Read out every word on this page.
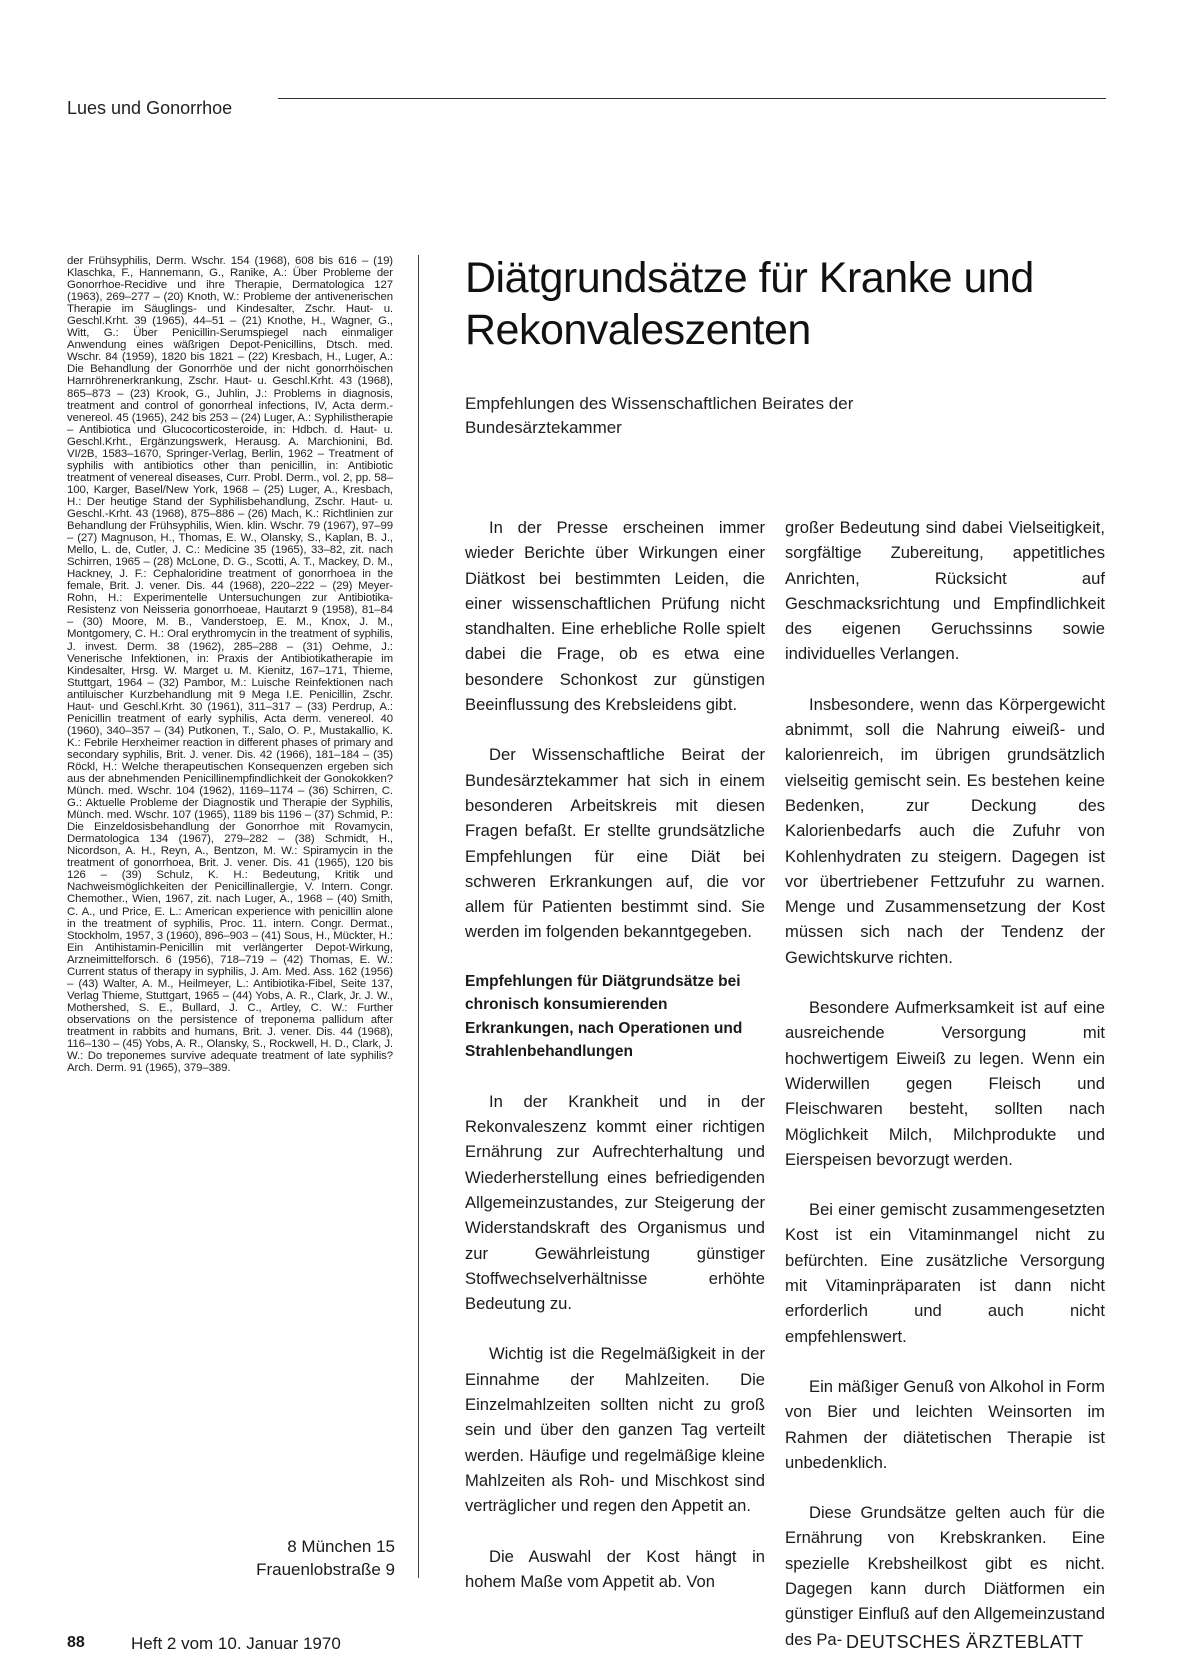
Lues und Gonorrhoe
der Frühsyphilis, Derm. Wschr. 154 (1968), 608 bis 616 – (19) Klaschka, F., Hannemann, G., Ranike, A.: Über Probleme der Gonorrhoe-Recidive und ihre Therapie, Dermatologica 127 (1963), 269–277 – (20) Knoth, W.: Probleme der antivenerischen Therapie im Säuglings- und Kindesalter, Zschr. Haut- u. Geschl.Krht. 39 (1965), 44–51 – (21) Knothe, H., Wagner, G., Witt, G.: Über Penicillin-Serumspiegel nach einmaliger Anwendung eines wäßrigen Depot-Penicillins, Dtsch. med. Wschr. 84 (1959), 1820 bis 1821 – (22) Kresbach, H., Luger, A.: Die Behandlung der Gonorrhöe und der nicht gonorrhöischen Harnröhrenerkrankung, Zschr. Haut- u. Geschl.Krht. 43 (1968), 865–873 – (23) Krook, G., Juhlin, J.: Problems in diagnosis, treatment and control of gonorrheal infections, IV, Acta derm.-venereol. 45 (1965), 242 bis 253 – (24) Luger, A.: Syphilistherapie – Antibiotica und Glucocorticosteroide, in: Hdbch. d. Haut- u. Geschl.Krht., Ergänzungswerk, Herausg. A. Marchionini, Bd. VI/2B, 1583–1670, Springer-Verlag, Berlin, 1962 – Treatment of syphilis with antibiotics other than penicillin, in: Antibiotic treatment of venereal diseases, Curr. Probl. Derm., vol. 2, pp. 58–100, Karger, Basel/New York, 1968 – (25) Luger, A., Kresbach, H.: Der heutige Stand der Syphilisbehandlung, Zschr. Haut- u. Geschl.-Krht. 43 (1968), 875–886 – (26) Mach, K.: Richtlinien zur Behandlung der Frühsyphilis, Wien. klin. Wschr. 79 (1967), 97–99 – (27) Magnuson, H., Thomas, E. W., Olansky, S., Kaplan, B. J., Mello, L. de, Cutler, J. C.: Medicine 35 (1965), 33–82, zit. nach Schirren, 1965 – (28) McLone, D. G., Scotti, A. T., Mackey, D. M., Hackney, J. F.: Cephaloridine treatment of gonorrhoea in the female, Brit. J. vener. Dis. 44 (1968), 220–222 – (29) Meyer-Rohn, H.: Experimentelle Untersuchungen zur Antibiotika-Resistenz von Neisseria gonorrhoeae, Hautarzt 9 (1958), 81–84 – (30) Moore, M. B., Vanderstoep, E. M., Knox, J. M., Montgomery, C. H.: Oral erythromycin in the treatment of syphilis, J. invest. Derm. 38 (1962), 285–288 – (31) Oehme, J.: Venerische Infektionen, in: Praxis der Antibiotikatherapie im Kindesalter, Hrsg. W. Marget u. M. Kienitz, 167–171, Thieme, Stuttgart, 1964 – (32) Pambor, M.: Luische Reinfektionen nach antiluischer Kurzbehandlung mit 9 Mega I.E. Penicillin, Zschr. Haut- und Geschl.Krht. 30 (1961), 311–317 – (33) Perdrup, A.: Penicillin treatment of early syphilis, Acta derm. venereol. 40 (1960), 340–357 – (34) Putkonen, T., Salo, O. P., Mustakallio, K. K.: Febrile Herxheimer reaction in different phases of primary and secondary syphilis, Brit. J. vener. Dis. 42 (1966), 181–184 – (35) Röckl, H.: Welche therapeutischen Konsequenzen ergeben sich aus der abnehmenden Penicillinempfindlichkeit der Gonokokken? Münch. med. Wschr. 104 (1962), 1169–1174 – (36) Schirren, C. G.: Aktuelle Probleme der Diagnostik und Therapie der Syphilis, Münch. med. Wschr. 107 (1965), 1189 bis 1196 – (37) Schmid, P.: Die Einzeldosisbehandlung der Gonorrhoe mit Rovamycin, Dermatologica 134 (1967), 279–282 – (38) Schmidt, H., Nicordson, A. H., Reyn, A., Bentzon, M. W.: Spiramycin in the treatment of gonorrhoea, Brit. J. vener. Dis. 41 (1965), 120 bis 126 – (39) Schulz, K. H.: Bedeutung, Kritik und Nachweismöglichkeiten der Penicillinallergie, V. Intern. Congr. Chemother., Wien, 1967, zit. nach Luger, A., 1968 – (40) Smith, C. A., und Price, E. L.: American experience with penicillin alone in the treatment of syphilis, Proc. 11. intern. Congr. Dermat., Stockholm, 1957, 3 (1960), 896–903 – (41) Sous, H., Mückter, H.: Ein Antihistamin-Penicillin mit verlängerter Depot-Wirkung, Arzneimittelforsch. 6 (1956), 718–719 – (42) Thomas, E. W.: Current status of therapy in syphilis, J. Am. Med. Ass. 162 (1956) – (43) Walter, A. M., Heilmeyer, L.: Antibiotika-Fibel, Seite 137, Verlag Thieme, Stuttgart, 1965 – (44) Yobs, A. R., Clark, Jr. J. W., Mothershed, S. E., Bullard, J. C., Artley, C. W.: Further observations on the persistence of treponema pallidum after treatment in rabbits and humans, Brit. J. vener. Dis. 44 (1968), 116–130 – (45) Yobs, A. R., Olansky, S., Rockwell, H. D., Clark, J. W.: Do treponemes survive adequate treatment of late syphilis? Arch. Derm. 91 (1965), 379–389.
8 München 15
Frauenlobstraße 9
Diätgrundsätze für Kranke und Rekonvaleszenten
Empfehlungen des Wissenschaftlichen Beirates der Bundesärztekammer

In der Presse erscheinen immer wieder Berichte über Wirkungen einer Diätkost bei bestimmten Leiden, die einer wissenschaftlichen Prüfung nicht standhalten. Eine erhebliche Rolle spielt dabei die Frage, ob es etwa eine besondere Schonkost zur günstigen Beeinflussung des Krebsleidens gibt.

Der Wissenschaftliche Beirat der Bundesärztekammer hat sich in einem besonderen Arbeitskreis mit diesen Fragen befaßt. Er stellte grundsätzliche Empfehlungen für eine Diät bei schweren Erkrankungen auf, die vor allem für Patienten bestimmt sind. Sie werden im folgenden bekanntgegeben.

Empfehlungen für Diätgrundsätze bei chronisch konsumierenden Erkrankungen, nach Operationen und Strahlenbehandlungen

In der Krankheit und in der Rekonvaleszenz kommt einer richtigen Ernährung zur Aufrechterhaltung und Wiederherstellung eines befriedigenden Allgemeinzustandes, zur Steigerung der Widerstandskraft des Organismus und zur Gewährleistung günstiger Stoffwechselverhältnisse erhöhte Bedeutung zu.

Wichtig ist die Regelmäßigkeit in der Einnahme der Mahlzeiten. Die Einzelmahlzeiten sollten nicht zu groß sein und über den ganzen Tag verteilt werden. Häufige und regelmäßige kleine Mahlzeiten als Roh- und Mischkost sind verträglicher und regen den Appetit an.

Die Auswahl der Kost hängt in hohem Maße vom Appetit ab. Von

großer Bedeutung sind dabei Vielseitigkeit, sorgfältige Zubereitung, appetitliches Anrichten, Rücksicht auf Geschmacksrichtung und Empfindlichkeit des eigenen Geruchssinns sowie individuelles Verlangen.

Insbesondere, wenn das Körpergewicht abnimmt, soll die Nahrung eiweiß- und kalorienreich, im übrigen grundsätzlich vielseitig gemischt sein. Es bestehen keine Bedenken, zur Deckung des Kalorienbedarfs auch die Zufuhr von Kohlenhydraten zu steigern. Dagegen ist vor übertriebener Fettzufuhr zu warnen. Menge und Zusammensetzung der Kost müssen sich nach der Tendenz der Gewichtskurve richten.

Besondere Aufmerksamkeit ist auf eine ausreichende Versorgung mit hochwertigem Eiweiß zu legen. Wenn ein Widerwillen gegen Fleisch und Fleischwaren besteht, sollten nach Möglichkeit Milch, Milchprodukte und Eierspeisen bevorzugt werden.

Bei einer gemischt zusammengesetzten Kost ist ein Vitaminmangel nicht zu befürchten. Eine zusätzliche Versorgung mit Vitaminpräparaten ist dann nicht erforderlich und auch nicht empfehlenswert.

Ein mäßiger Genuß von Alkohol in Form von Bier und leichten Weinsorten im Rahmen der diätetischen Therapie ist unbedenklich.

Diese Grundsätze gelten auch für die Ernährung von Krebskranken. Eine spezielle Krebsheilkost gibt es nicht. Dagegen kann durch Diätformen ein günstiger Einfluß auf den Allgemeinzustand des Pa-

88	Heft 2 vom 10. Januar 1970	DEUTSCHES ÄRZTEBLATT
